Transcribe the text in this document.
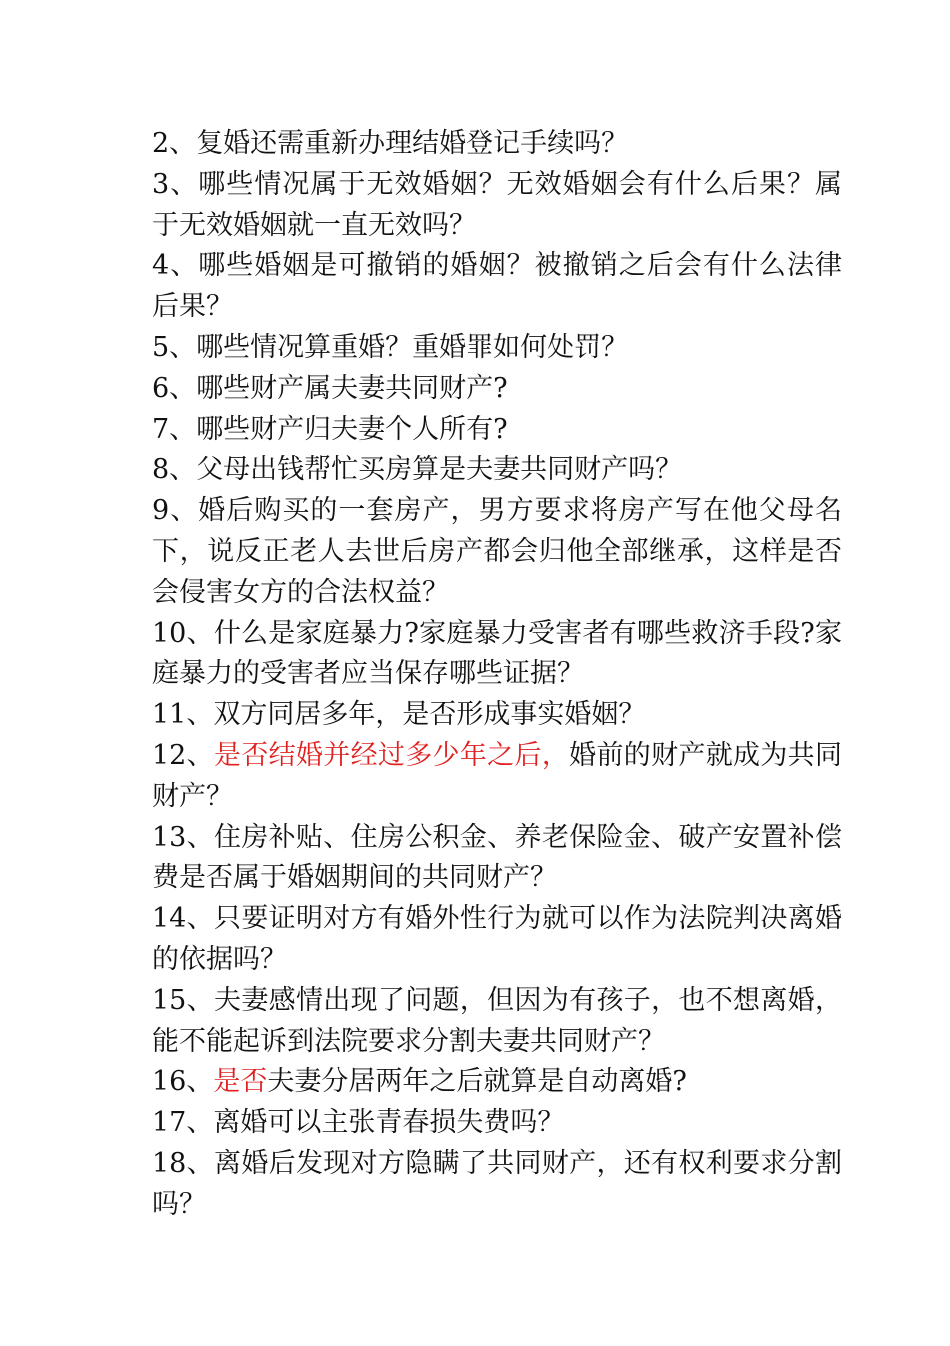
2、复婚还需重新办理结婚登记手续吗？

3、哪些情况属于无效婚姻？无效婚姻会有什么后果？属于无效婚姻就一直无效吗？

4、哪些婚姻是可撤销的婚姻？被撤销之后会有什么法律后果？

5、哪些情况算重婚？重婚罪如何处罚？

6、哪些财产属夫妻共同财产?

7、哪些财产归夫妻个人所有?

8、父母出钱帮忙买房算是夫妻共同财产吗？

9、婚后购买的一套房产，男方要求将房产写在他父母名下，说反正老人去世后房产都会归他全部继承，这样是否会侵害女方的合法权益？

10、什么是家庭暴力?家庭暴力受害者有哪些救济手段?家庭暴力的受害者应当保存哪些证据？

11、双方同居多年，是否形成事实婚姻？

12、是否结婚并经过多少年之后，婚前的财产就成为共同财产？

13、住房补贴、住房公积金、养老保险金、破产安置补偿费是否属于婚姻期间的共同财产？

14、只要证明对方有婚外性行为就可以作为法院判决离婚的依据吗？

15、夫妻感情出现了问题，但因为有孩子，也不想离婚，能不能起诉到法院要求分割夫妻共同财产？

16、是否夫妻分居两年之后就算是自动离婚?

17、离婚可以主张青春损失费吗？

18、离婚后发现对方隐瞒了共同财产，还有权利要求分割吗？
